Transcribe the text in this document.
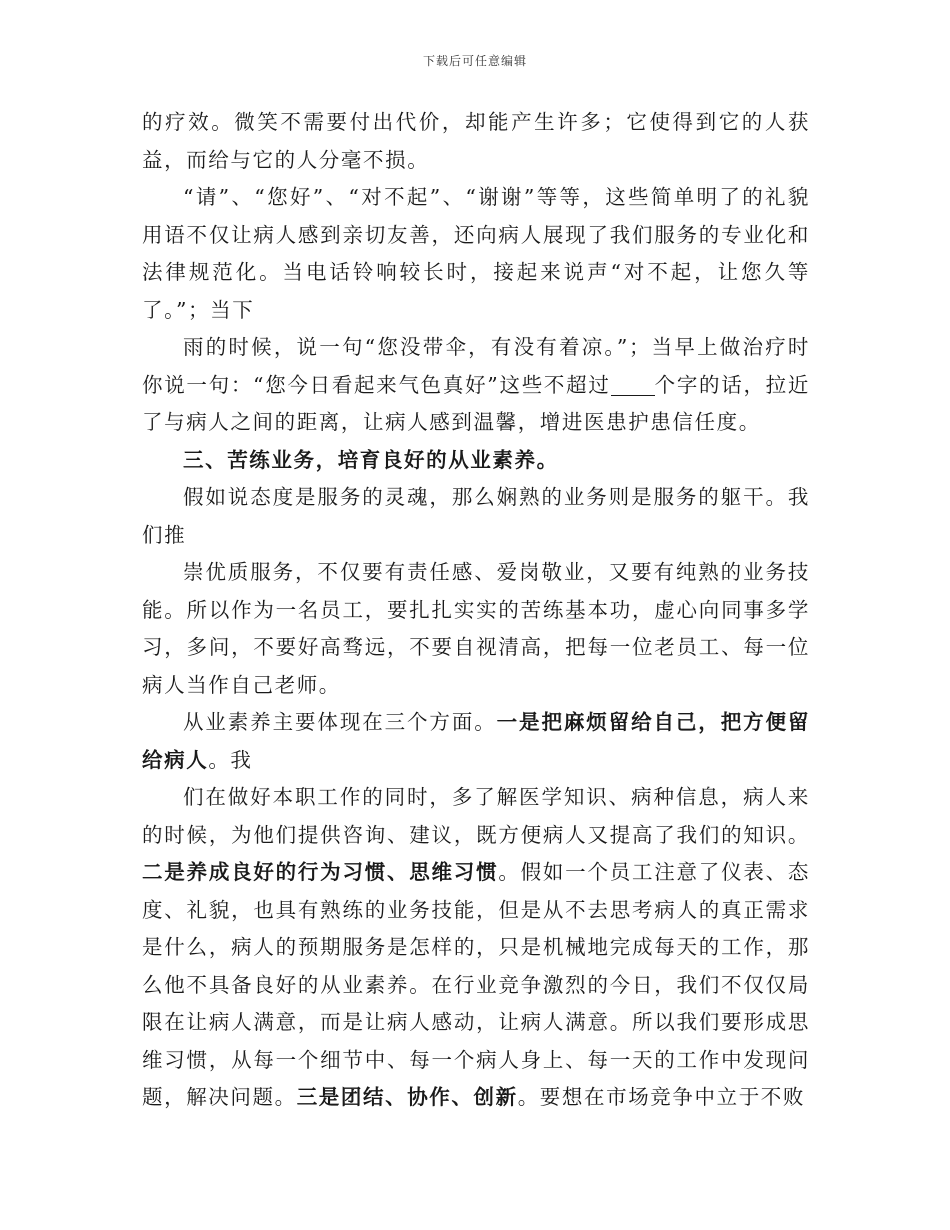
下载后可任意编辑

的疗效。微笑不需要付出代价，却能产生许多；它使得到它的人获益，而给与它的人分毫不损。

“请”、“您好”、“对不起”、“谢谢”等等，这些简单明了的礼貌用语不仅让病人感到亲切友善，还向病人展现了我们服务的专业化和法律规范化。当电话铃响较长时，接起来说声“对不起，让您久等了。”；当下

雨的时候，说一句“您没带伞，有没有着凉。”；当早上做治疗时你说一句：“您今日看起来气色真好”这些不超过 个字的话，拉近了与病人之间的距离，让病人感到温馨，增进医患护患信任度。

三、苦练业务，培育良好的从业素养。

假如说态度是服务的灵魂，那么娴熟的业务则是服务的躯干。我们推

崇优质服务，不仅要有责任感、爱岗敬业，又要有纯熟的业务技能。所以作为一名员工，要扎扎实实的苦练基本功，虚心向同事多学习，多问，不要好高骛远，不要自视清高，把每一位老员工、每一位病人当作自己老师。

从业素养主要体现在三个方面。一是把麻烦留给自己，把方便留给病人。我

们在做好本职工作的同时，多了解医学知识、病种信息，病人来的时候，为他们提供咨询、建议，既方便病人又提高了我们的知识。二是养成良好的行为习惯、思维习惯。假如一个员工注意了仪表、态度、礼貌，也具有熟练的业务技能，但是从不去思考病人的真正需求是什么，病人的预期服务是怎样的，只是机械地完成每天的工作，那么他不具备良好的从业素养。在行业竞争激烈的今日，我们不仅仅局限在让病人满意，而是让病人感动，让病人满意。所以我们要形成思维习惯，从每一个细节中、每一个病人身上、每一天的工作中发现问题，解决问题。三是团结、协作、创新。要想在市场竞争中立于不败
